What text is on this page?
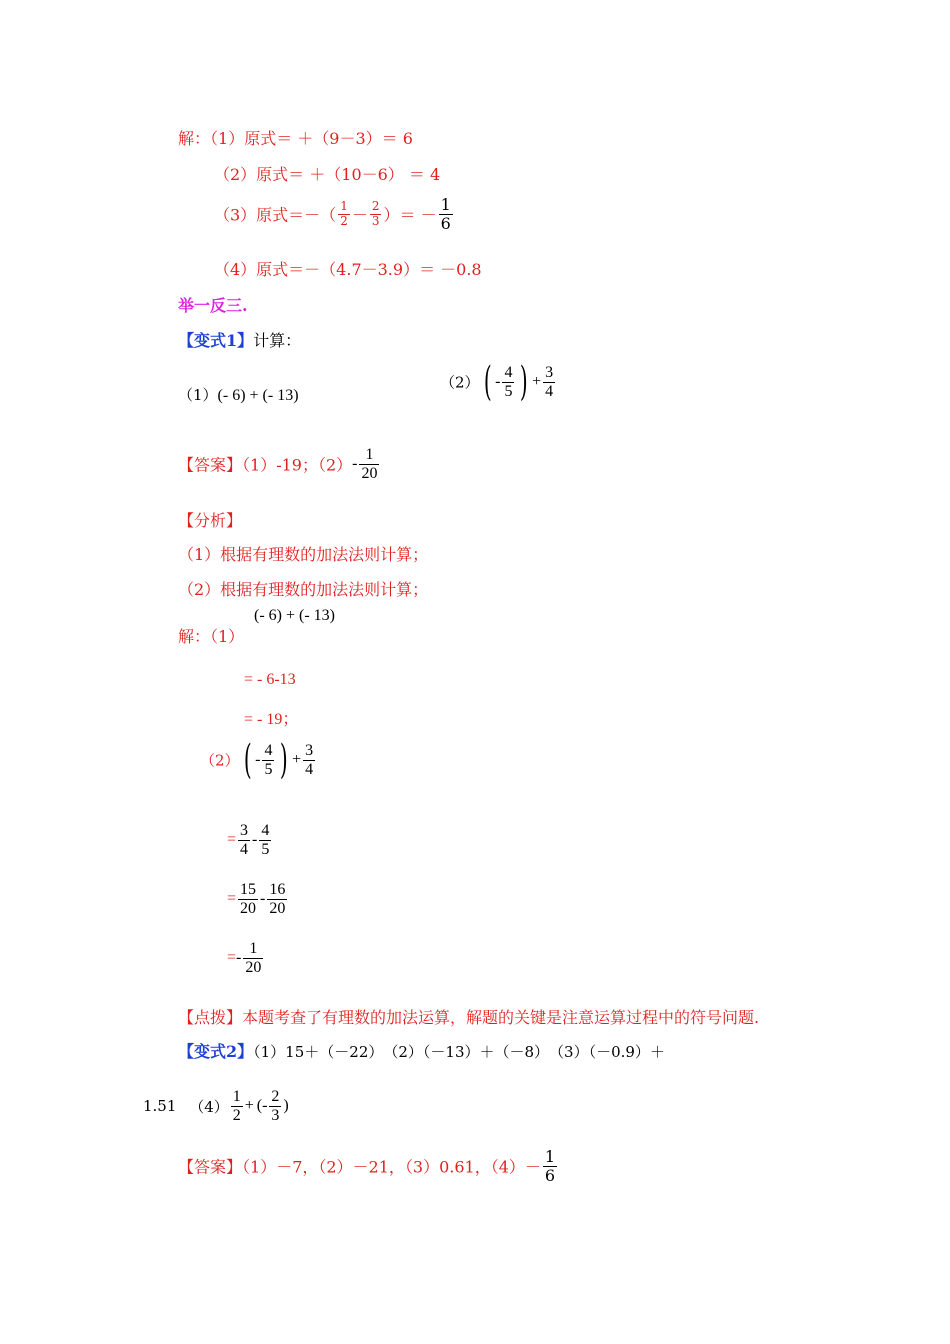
解：（1）原式＝ ＋（9－3）＝ 6
（2）原式＝ ＋（10－6） ＝ 4
（3）原式＝－（ $\frac{1}{2} - \frac{2}{3}$ ）＝ － $\frac{1}{6}$
（4）原式＝－（4.7－3.9）＝ －0.8
举一反三.
【变式1】计算：
（1）(- 6) + (- 13)
$(2)( - \frac{4}{5}$ ) + $\frac{3}{4}$
【答案】（1）-19；$(2)- \frac{1}{20}$
【分析】
（1）根据有理数的加法法则计算；
（2）根据有理数的加法法则计算；
解：（1）
(- 6) + (- 13)
= - 6-13
= - 19；
$(2)( - \frac{4}{5}$ ) + $\frac{3}{4}$
= $\frac{3}{4} - \frac{4}{5}$
= $\frac{15}{20} - \frac{16}{20}$
=- $\frac{1}{20}$
【点拨】本题考查了有理数的加法运算，解题的关键是注意运算过程中的符号问题.
【变式2】（1）15＋（－22）　（2）（－13）＋（－8）　（3）（－0.9）＋
1.51 $(4) \frac{1}{2}$ + (- $\frac{2}{3}$ )
【答案】（1）－7，（2）－21，（3）0.61，$(4)- \frac{1}{6}$
